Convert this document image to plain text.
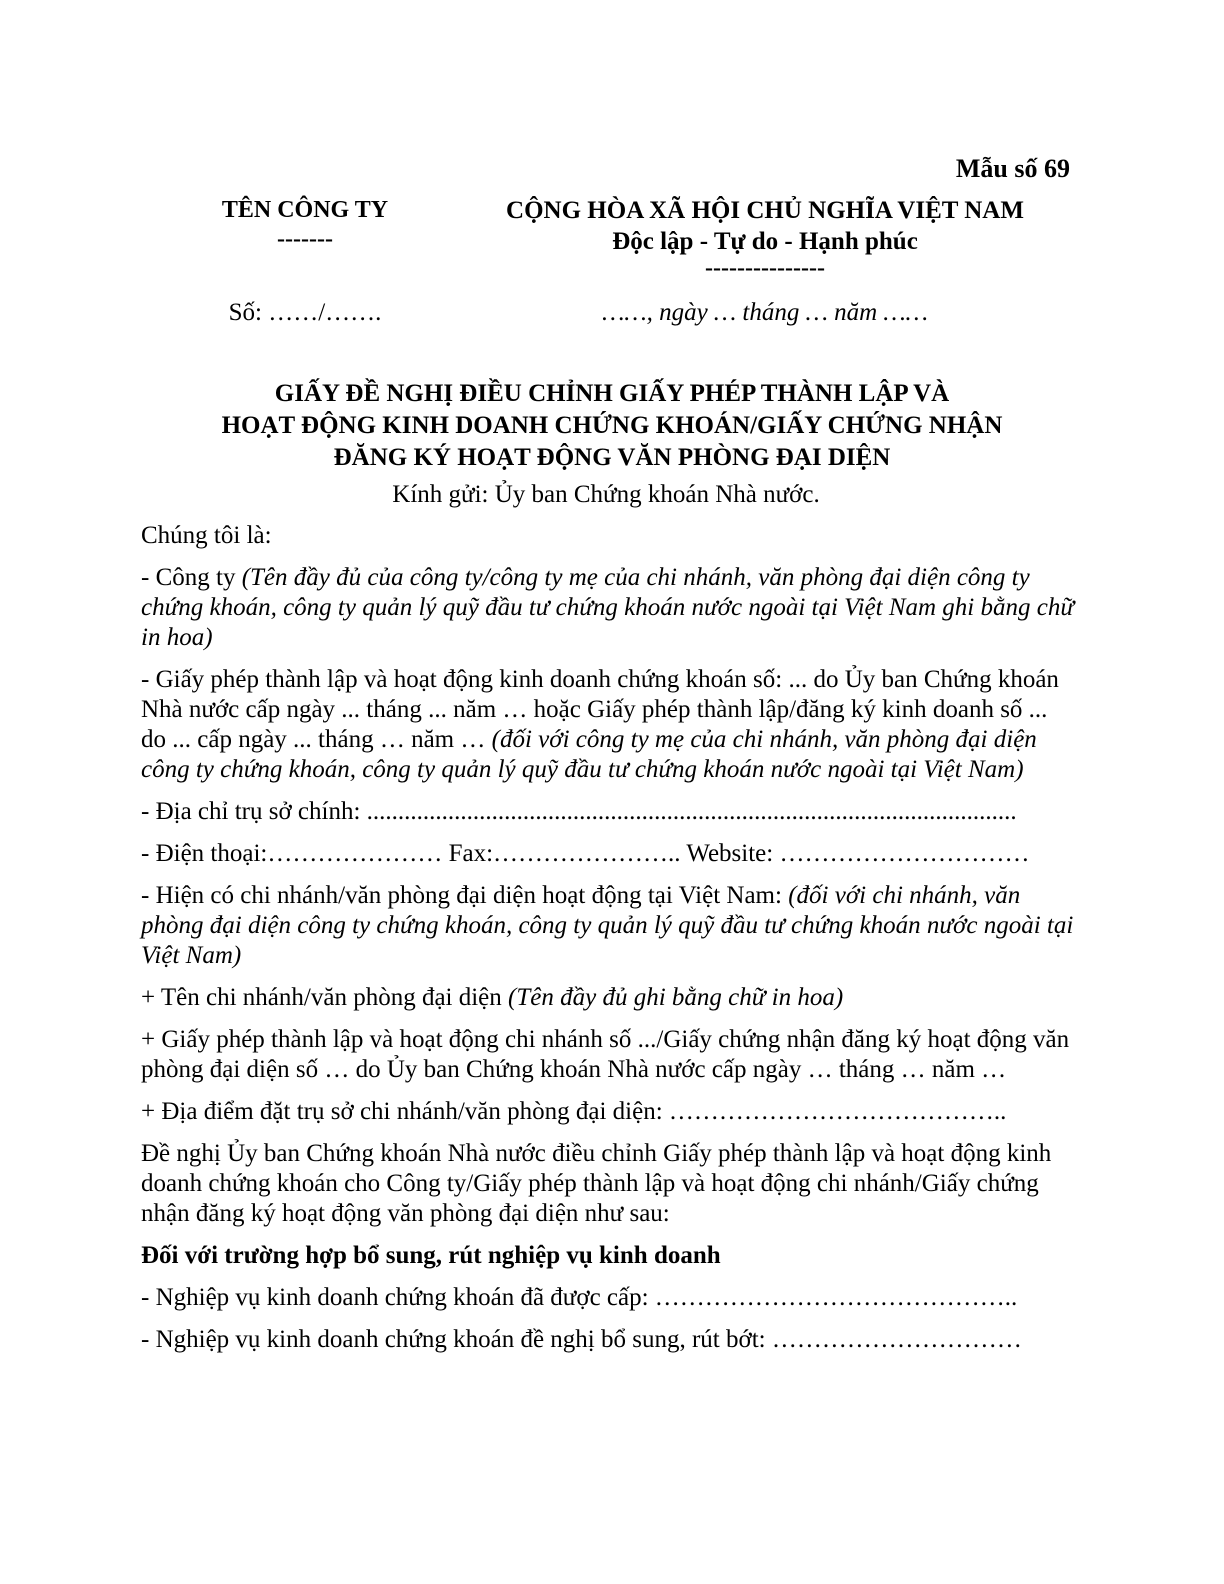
Mẫu số 69
TÊN CÔNG TY
-------
CỘNG HÒA XÃ HỘI CHỦ NGHĨA VIỆT NAM
Độc lập - Tự do - Hạnh phúc
---------------
Số: ……/…….	……, ngày … tháng … năm ……
GIẤY ĐỀ NGHỊ ĐIỀU CHỈNH GIẤY PHÉP THÀNH LẬP VÀ
HOẠT ĐỘNG KINH DOANH CHỨNG KHOÁN/GIẤY CHỨNG NHẬN
ĐĂNG KÝ HOẠT ĐỘNG VĂN PHÒNG ĐẠI DIỆN
Kính gửi: Ủy ban Chứng khoán Nhà nước.

Chúng tôi là:

- Công ty (Tên đầy đủ của công ty/công ty mẹ của chi nhánh, văn phòng đại diện công ty chứng khoán, công ty quản lý quỹ đầu tư chứng khoán nước ngoài tại Việt Nam ghi bằng chữ in hoa)

- Giấy phép thành lập và hoạt động kinh doanh chứng khoán số: ... do Ủy ban Chứng khoán Nhà nước cấp ngày ... tháng ... năm … hoặc Giấy phép thành lập/đăng ký kinh doanh số ... do ... cấp ngày ... tháng … năm … (đối với công ty mẹ của chi nhánh, văn phòng đại diện công ty chứng khoán, công ty quản lý quỹ đầu tư chứng khoán nước ngoài tại Việt Nam)

- Địa chỉ trụ sở chính: ........................................................................................................

- Điện thoại:………………… Fax:………………….. Website: …………………………

- Hiện có chi nhánh/văn phòng đại diện hoạt động tại Việt Nam: (đối với chi nhánh, văn phòng đại diện công ty chứng khoán, công ty quản lý quỹ đầu tư chứng khoán nước ngoài tại Việt Nam)

+ Tên chi nhánh/văn phòng đại diện (Tên đầy đủ ghi bằng chữ in hoa)

+ Giấy phép thành lập và hoạt động chi nhánh số .../Giấy chứng nhận đăng ký hoạt động văn phòng đại diện số … do Ủy ban Chứng khoán Nhà nước cấp ngày … tháng … năm …

+ Địa điểm đặt trụ sở chi nhánh/văn phòng đại diện: …………………………………..

Đề nghị Ủy ban Chứng khoán Nhà nước điều chỉnh Giấy phép thành lập và hoạt động kinh doanh chứng khoán cho Công ty/Giấy phép thành lập và hoạt động chi nhánh/Giấy chứng nhận đăng ký hoạt động văn phòng đại diện như sau:

Đối với trường hợp bổ sung, rút nghiệp vụ kinh doanh

- Nghiệp vụ kinh doanh chứng khoán đã được cấp: ……………………………………..

- Nghiệp vụ kinh doanh chứng khoán đề nghị bổ sung, rút bớt: …………………………
